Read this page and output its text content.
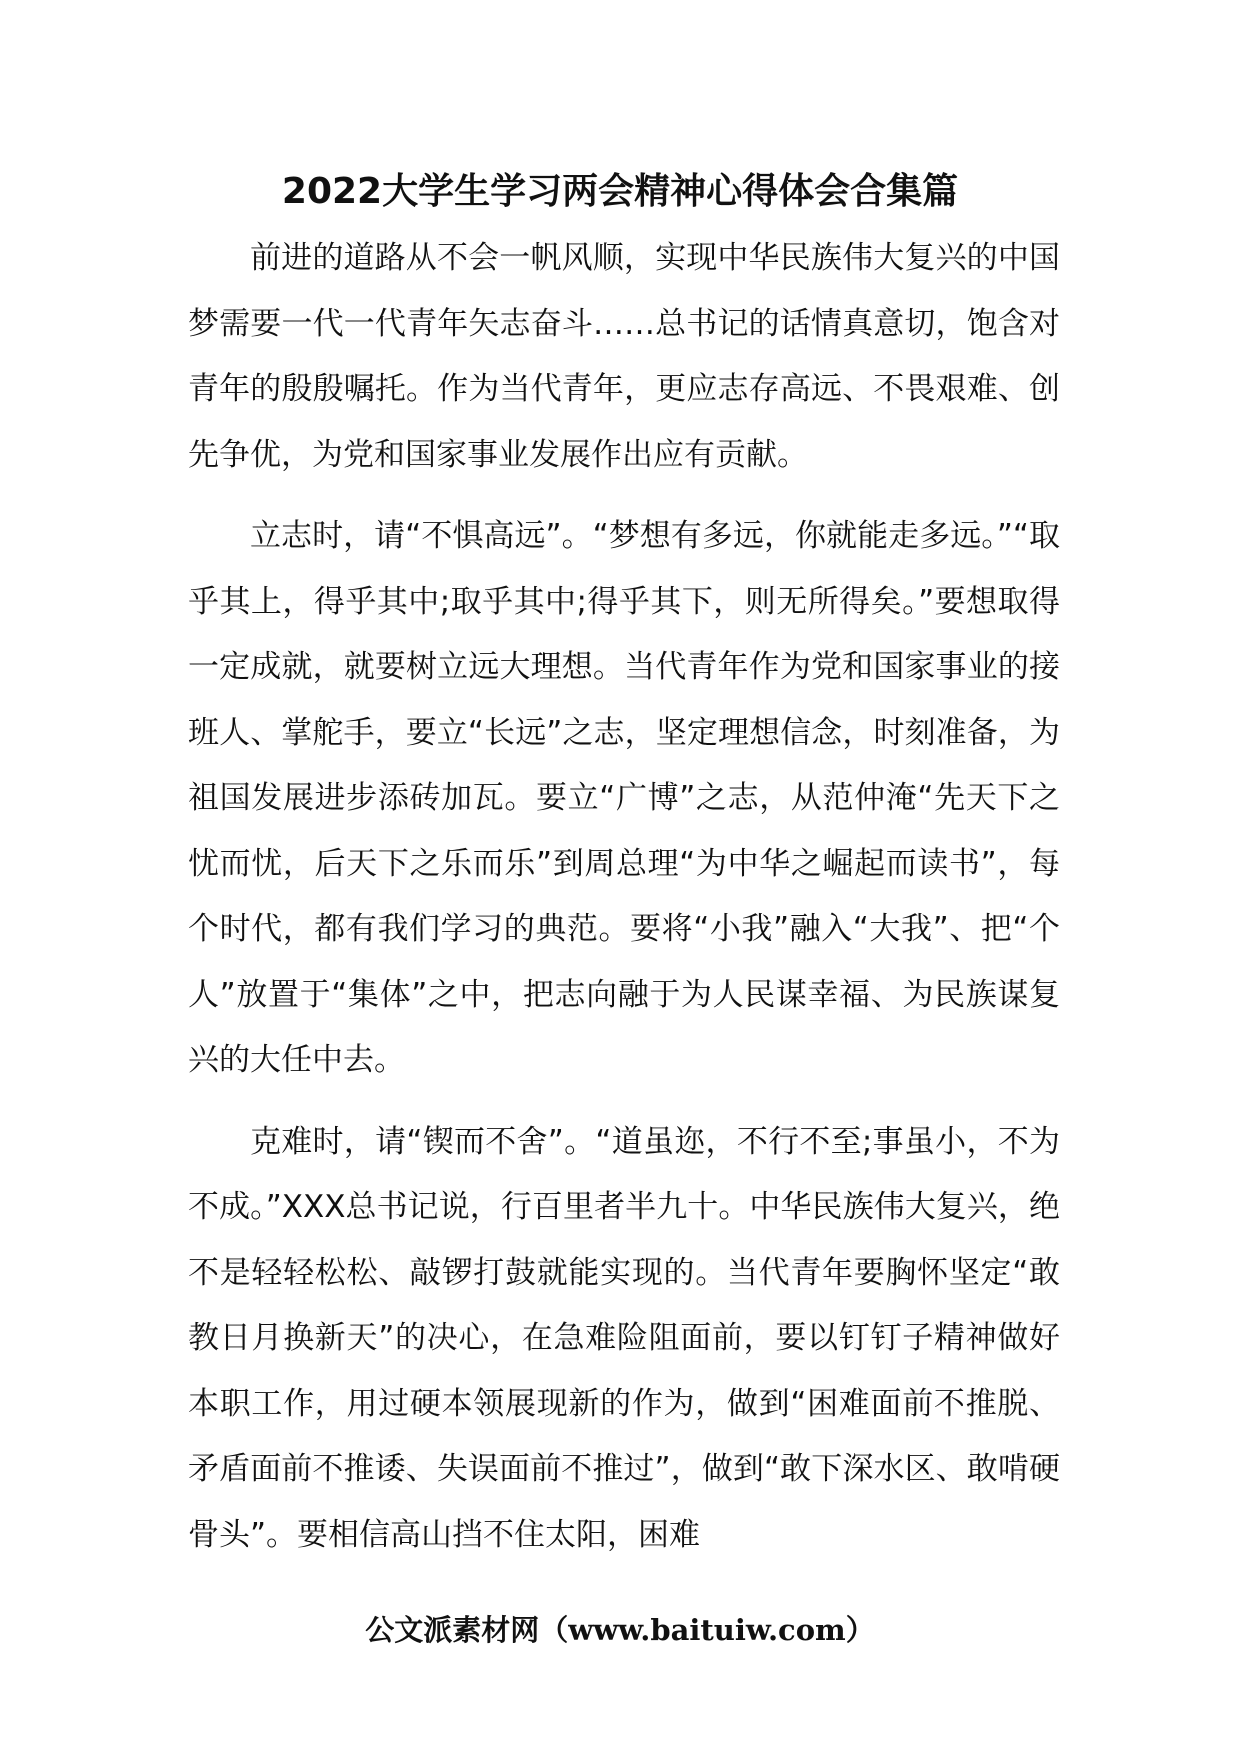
2022大学生学习两会精神心得体会合集篇

前进的道路从不会一帆风顺，实现中华民族伟大复兴的中国梦需要一代一代青年矢志奋斗……总书记的话情真意切，饱含对青年的殷殷嘱托。作为当代青年，更应志存高远、不畏艰难、创先争优，为党和国家事业发展作出应有贡献。

立志时，请“不惧高远”。“梦想有多远，你就能走多远。”“取乎其上，得乎其中;取乎其中;得乎其下，则无所得矣。”要想取得一定成就，就要树立远大理想。当代青年作为党和国家事业的接班人、掌舵手，要立“长远”之志，坚定理想信念，时刻准备，为祖国发展进步添砖加瓦。要立“广博”之志，从范仲淹“先天下之忧而忧，后天下之乐而乐”到周总理“为中华之崛起而读书”，每个时代，都有我们学习的典范。要将“小我”融入“大我”、把“个人”放置于“集体”之中，把志向融于为人民谋幸福、为民族谋复兴的大任中去。

克难时，请“锲而不舍”。“道虽迩，不行不至;事虽小，不为不成。”XXX总书记说，行百里者半九十。中华民族伟大复兴，绝不是轻轻松松、敲锣打鼓就能实现的。当代青年要胸怀坚定“敢教日月换新天”的决心，在急难险阻面前，要以钉钉子精神做好本职工作，用过硬本领展现新的作为，做到“困难面前不推脱、矛盾面前不推诿、失误面前不推过”，做到“敢下深水区、敢啃硬骨头”。要相信高山挡不住太阳，困难

公文派素材网（www.baituiw.com）
